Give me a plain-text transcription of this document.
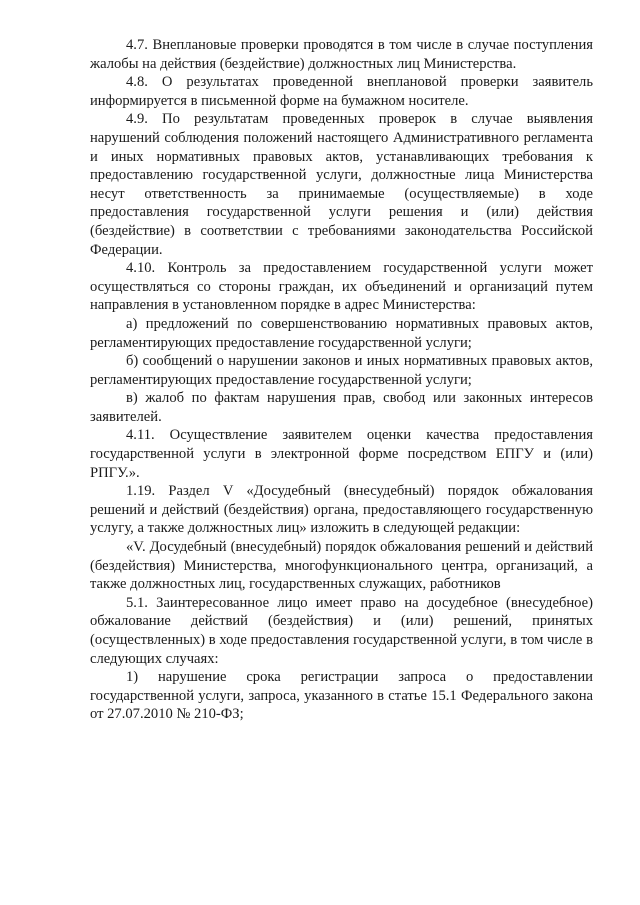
4.7. Внеплановые проверки проводятся в том числе в случае поступления жалобы на действия (бездействие) должностных лиц Министерства.

4.8. О результатах проведенной внеплановой проверки заявитель информируется в письменной форме на бумажном носителе.

4.9. По результатам проведенных проверок в случае выявления нарушений соблюдения положений настоящего Административного регламента и иных нормативных правовых актов, устанавливающих требования к предоставлению государственной услуги, должностные лица Министерства несут ответственность за принимаемые (осуществляемые) в ходе предоставления государственной услуги решения и (или) действия (бездействие) в соответствии с требованиями законодательства Российской Федерации.

4.10. Контроль за предоставлением государственной услуги может осуществляться со стороны граждан, их объединений и организаций путем направления в установленном порядке в адрес Министерства:

а) предложений по совершенствованию нормативных правовых актов, регламентирующих предоставление государственной услуги;

б) сообщений о нарушении законов и иных нормативных правовых актов, регламентирующих предоставление государственной услуги;

в) жалоб по фактам нарушения прав, свобод или законных интересов заявителей.

4.11. Осуществление заявителем оценки качества предоставления государственной услуги в электронной форме посредством ЕПГУ и (или) РПГУ.».

1.19. Раздел V «Досудебный (внесудебный) порядок обжалования решений и действий (бездействия) органа, предоставляющего государственную услугу, а также должностных лиц» изложить в следующей редакции:

«V. Досудебный (внесудебный) порядок обжалования решений и действий (бездействия) Министерства, многофункционального центра, организаций, а также должностных лиц, государственных служащих, работников

5.1. Заинтересованное лицо имеет право на досудебное (внесудебное) обжалование действий (бездействия) и (или) решений, принятых (осуществленных) в ходе предоставления государственной услуги, в том числе в следующих случаях:

1) нарушение срока регистрации запроса о предоставлении государственной услуги, запроса, указанного в статье 15.1 Федерального закона от 27.07.2010 № 210-ФЗ;
